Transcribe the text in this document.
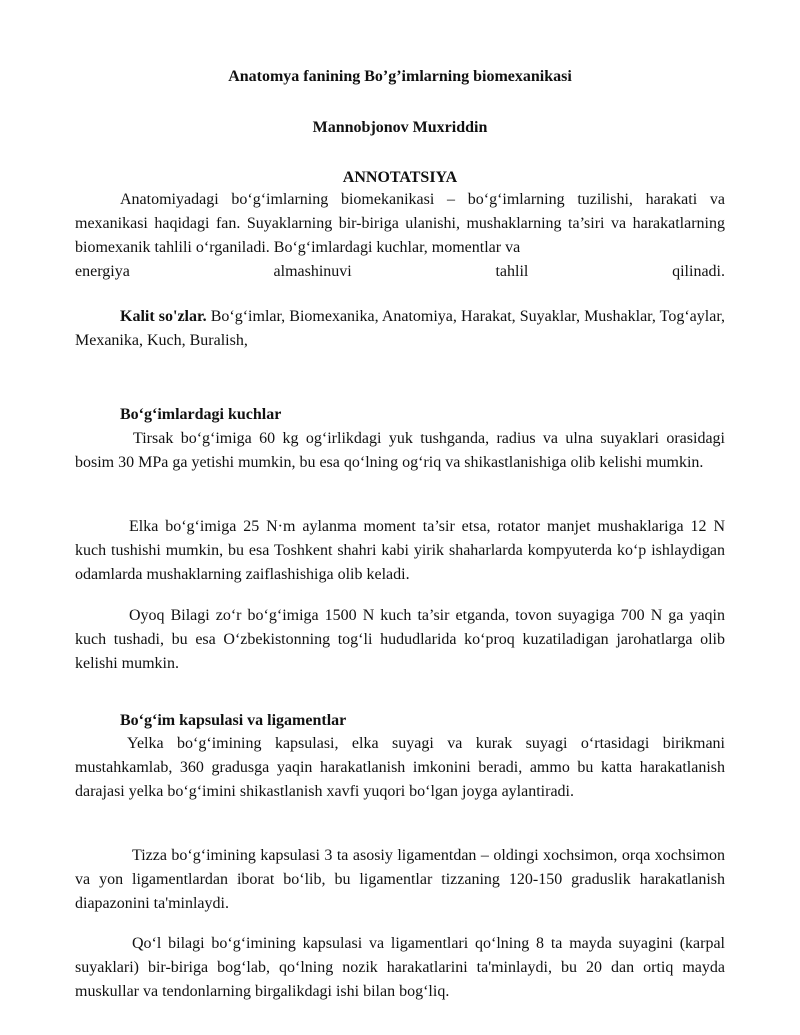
Anatomya fanining Bo’g’imlarning biomexanikasi
Mannobjonov Muxriddin
ANNOTATSIYA

Anatomiyadagi bo‘g‘imlarning biomekanikasi – bo‘g‘imlarning tuzilishi, harakati va mexanikasi haqidagi fan. Suyaklarning bir-biriga ulanishi, mushaklarning ta’siri va harakatlarning biomexanik tahlili o‘rganiladi. Bo‘g‘imlardagi kuchlar, momentlar va

energiya	almashinuvi	tahlil	qilinadi.

Kalit so'zlar. Bo‘g‘imlar, Biomexanika, Anatomiya, Harakat, Suyaklar, Mushaklar, Tog‘aylar, Mexanika, Kuch, Buralish,

Bo‘g‘imlardagi kuchlar

Tirsak bo‘g‘imiga 60 kg og‘irlikdagi yuk tushganda, radius va ulna suyaklari orasidagi bosim 30 MPa ga yetishi mumkin, bu esa qo‘lning og‘riq va shikastlanishiga olib kelishi mumkin.

Elka bo‘g‘imiga 25 N·m aylanma moment ta’sir etsa, rotator manjet mushaklariga 12 N kuch tushishi mumkin, bu esa Toshkent shahri kabi yirik shaharlarda kompyuterda ko‘p ishlaydigan odamlarda mushaklarning zaiflashishiga olib keladi.

Oyoq Bilagi zo‘r bo‘g‘imiga 1500 N kuch ta’sir etganda, tovon suyagiga 700 N ga yaqin kuch tushadi, bu esa O‘zbekistonning tog‘li hududlarida ko‘proq kuzatiladigan jarohatlarga olib kelishi mumkin.

Bo‘g‘im kapsulasi va ligamentlar

Yelka bo‘g‘imining kapsulasi, elka suyagi va kurak suyagi o‘rtasidagi birikmani mustahkamlab, 360 gradusga yaqin harakatlanish imkonini beradi, ammo bu katta harakatlanish darajasi yelka bo‘g‘imini shikastlanish xavfi yuqori bo‘lgan joyga aylantiradi.

Tizza bo‘g‘imining kapsulasi 3 ta asosiy ligamentdan – oldingi xochsimon, orqa xochsimon va yon ligamentlardan iborat bo‘lib, bu ligamentlar tizzaning 120-150 graduslik harakatlanish diapazonini ta'minlaydi.

Qo‘l bilagi bo‘g‘imining kapsulasi va ligamentlari qo‘lning 8 ta mayda suyagini (karpal suyaklari) bir-biriga bog‘lab, qo‘lning nozik harakatlarini ta'minlaydi, bu 20 dan ortiq mayda muskullar va tendonlarning birgalikdagi ishi bilan bog‘liq.
